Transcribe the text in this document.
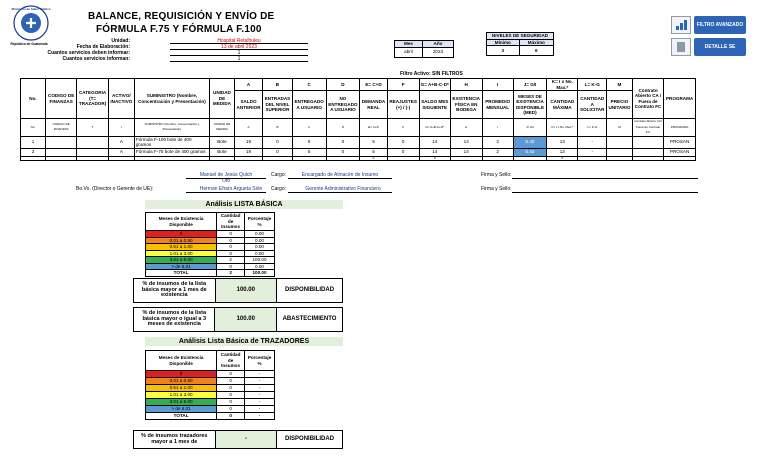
Ministerio de Salud Pública
República de Guatemala
BALANCE, REQUISICIÓN Y ENVÍO DE
FÓRMULA F.75 Y FÓRMULA F.100
Unidad:	Hospital Retalhuleu
Fecha de Elaboración:	13 de abril 2023
Cuantos servicios deben informar:	1
Cuantos servicios informan:	1
Mes	Año
abril	2023
NIVELES DE SEGURIDAD	
Mínimo	Máximo
3	6
FILTRO AVANZADO
DETALLE SE
Filtro Activo: SIN FILTROS
No.	CODIGO DE FINANZAS	CATEGORIA (T= TRAZADOR)	ACTIVO/ INACTIVO	SUMINISTRO (Nombre, Concentración y Presentación)	UNIDAD DE MEDIDA	A	B	C	D	E= C+D	F	G= A+B-C-D*	H	I	J= G/I	K= I x No. Max.*	L= K-G	M	Contrato Abierto CA / Fuera de Contrato FC	PROGRAMA
						SALDO ANTERIOR	ENTRADAS DEL NIVEL SUPERIOR	ENTREGADO A USUARIO	NO ENTREGADO A USUARIO	DEMANDA REAL	REAJUSTES (+) / (-)	SALDO MES SIGUIENTE	EXISTENCIA FÍSICA EN BODEGA	PROMEDIO MENSUAL	MESES DE EXISTENCIA DISPONIBLE (MED)	CANTIDAD MÁXIMA	CANTIDAD A SOLICITAR	PRECIO UNITARIO		
No.	CODIGO DE FINANZAS	T	I	SUMINISTRO (Nombre, Concentración y Presentación)	UNIDAD DE MEDIDA	A	B	C	D	E= C+D	F	G= A+B-C+D*	H	I	J= G/I	K= I x No. Max.*	L= K-G	M	Contrato Abierto CA/ Fuera de Contrato FC	PROGRAMA
1			A	Fórmula F-100 bote de 400 gramos	Bote	19	0	5	0	5	0	14	14	2	5.42	13	-			PROSAN
2			A	Fórmula F-75 bote de 400 gramos	Bote	19	0	5	0	5	0	14	14	2	5.42	13	-			PROSAN
										0		0				0				
Manuel de Jesús Quich Oto
Cargo:	Encargado de Almacén de Insumo	Firma y Sello:
Bo.Vo. (Director o Gerente de UE):	Herman Efraín Argueta Sión	Cargo:	Gerente Administrativo Financiero	Firma y Sello:
Análisis LISTA BÁSICA
Meses de Existencia Disponible	Cantidad de Insumos	Porcentaje %
0	0	0.00
0.01 a 0.50	0	0.00
0.51 a 1.00	0	0.00
1.01 a 3.00	0	0.00
3.01 a 6.00	2	100.00
> de 6.01	0	0.00
TOTAL	2	100.00
% de insumos de la lista básica mayor a 1 mes de existencia	100.00	DISPONIBILIDAD
% de insumos de la lista básica mayor o igual a 3 meses de existencia	100.00	ABASTECIMIENTO
Análisis Lista Básica de TRAZADORES
Meses de Existencia Disponible	Cantidad de Insumos	Porcentaje %
0	0	-
0.01 a 0.50	0	-
0.51 a 1.00	0	-
1.01 a 3.00	0	-
3.01 a 6.00	0	-
> de 6.01	0	-
TOTAL	0	-
% de insumos trazadores mayor a 1 mes de	-	DISPONIBILIDAD
